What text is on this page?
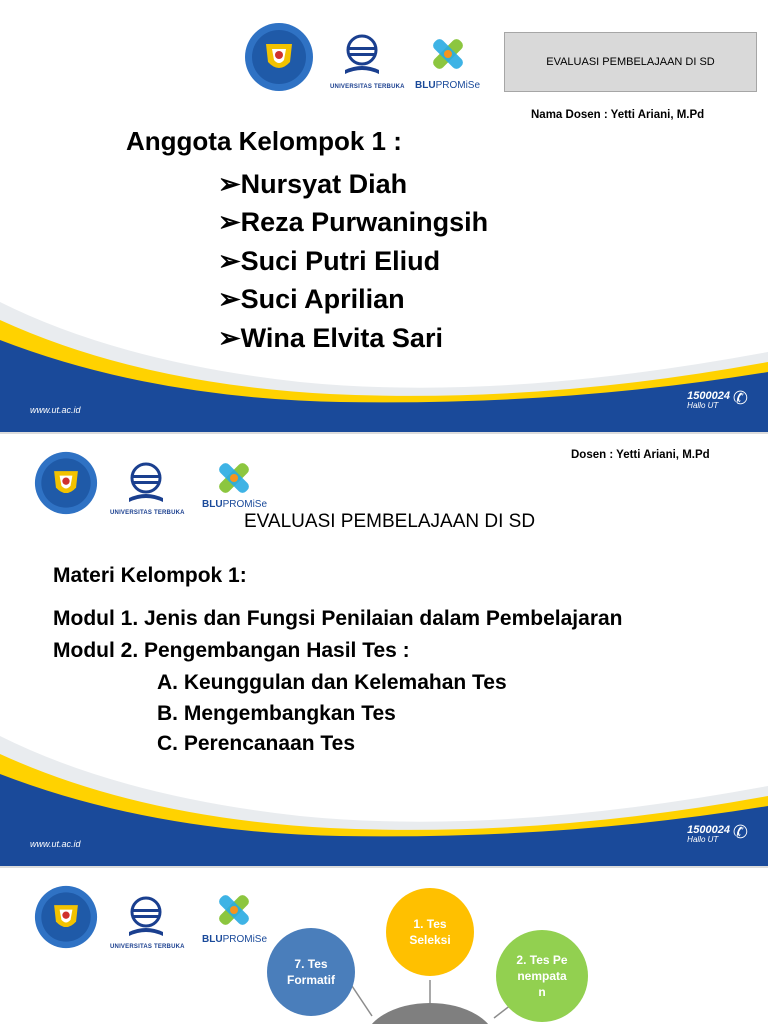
UNIVERSITAS TERBUKA BLUPROMiSe
EVALUASI PEMBELAJAAN DI SD
Nama Dosen : Yetti Ariani, M.Pd
Anggota Kelompok 1 :
➢Nursyat Diah
➢Reza Purwaningsih
➢Suci Putri Eliud
➢Suci Aprilian
➢Wina Elvita Sari
www.ut.ac.id
1500024
Hallo UT ✆
UNIVERSITAS TERBUKA
BLUPROMiSe
Dosen : Yetti Ariani, M.Pd
EVALUASI PEMBELAJAAN DI SD
Materi Kelompok 1:
Modul 1. Jenis dan Fungsi Penilaian dalam Pembelajaran
Modul 2. Pengembangan Hasil Tes :
A. Keunggulan dan Kelemahan Tes
B. Mengembangkan Tes
C. Perencanaan Tes
www.ut.ac.id
1500024
Hallo UT ✆
UNIVERSITAS TERBUKA
BLUPROMiSe
1. Tes Seleksi
2. Tes Penempatan
7. Tes Formatif
